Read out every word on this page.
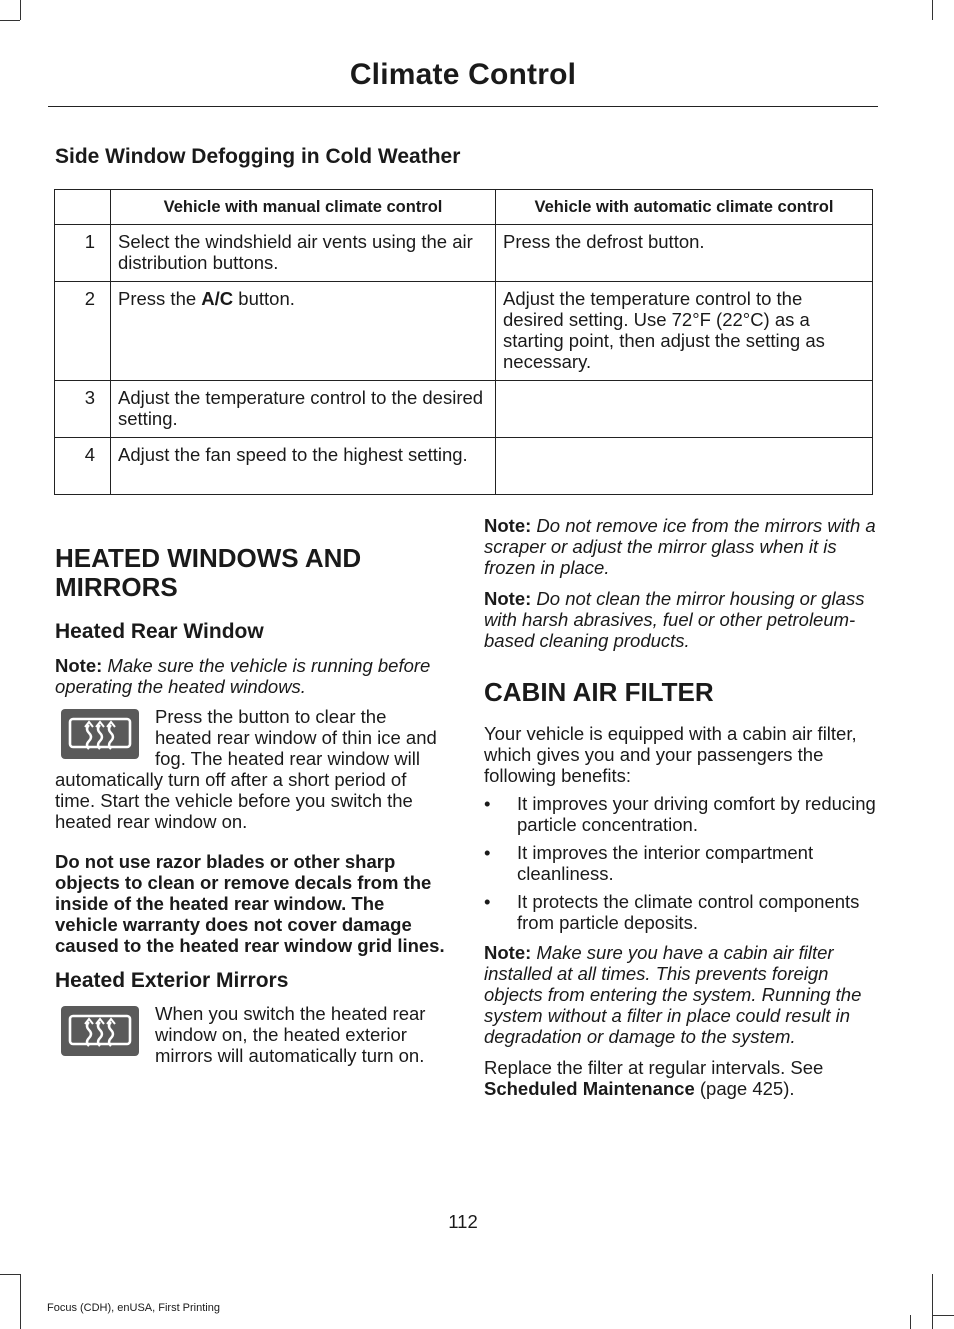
Climate Control
Side Window Defogging in Cold Weather
	Vehicle with manual climate control	Vehicle with automatic climate control
1	Select the windshield air vents using the air distribution buttons.	Press the defrost button.
2	Press the A/C button.	Adjust the temperature control to the desired setting. Use 72°F (22°C) as a starting point, then adjust the setting as necessary.
3	Adjust the temperature control to the desired setting.	
4	Adjust the fan speed to the highest setting.	
HEATED WINDOWS AND MIRRORS
Heated Rear Window

Note: Make sure the vehicle is running before operating the heated windows.

Press the button to clear the heated rear window of thin ice and fog. The heated rear window will automatically turn off after a short period of time. Start the vehicle before you switch the heated rear window on.

Do not use razor blades or other sharp objects to clean or remove decals from the inside of the heated rear window. The vehicle warranty does not cover damage caused to the heated rear window grid lines.

Heated Exterior Mirrors
When you switch the heated rear window on, the heated exterior mirrors will automatically turn on.

Note: Do not remove ice from the mirrors with a scraper or adjust the mirror glass when it is frozen in place.

Note: Do not clean the mirror housing or glass with harsh abrasives, fuel or other petroleum-based cleaning products.

CABIN AIR FILTER

Your vehicle is equipped with a cabin air filter, which gives you and your passengers the following benefits:

• It improves your driving comfort by reducing particle concentration.
• It improves the interior compartment cleanliness.
• It protects the climate control components from particle deposits.

Note: Make sure you have a cabin air filter installed at all times. This prevents foreign objects from entering the system. Running the system without a filter in place could result in degradation or damage to the system.

Replace the filter at regular intervals. See Scheduled Maintenance (page 425).

112
Focus (CDH), enUSA, First Printing
